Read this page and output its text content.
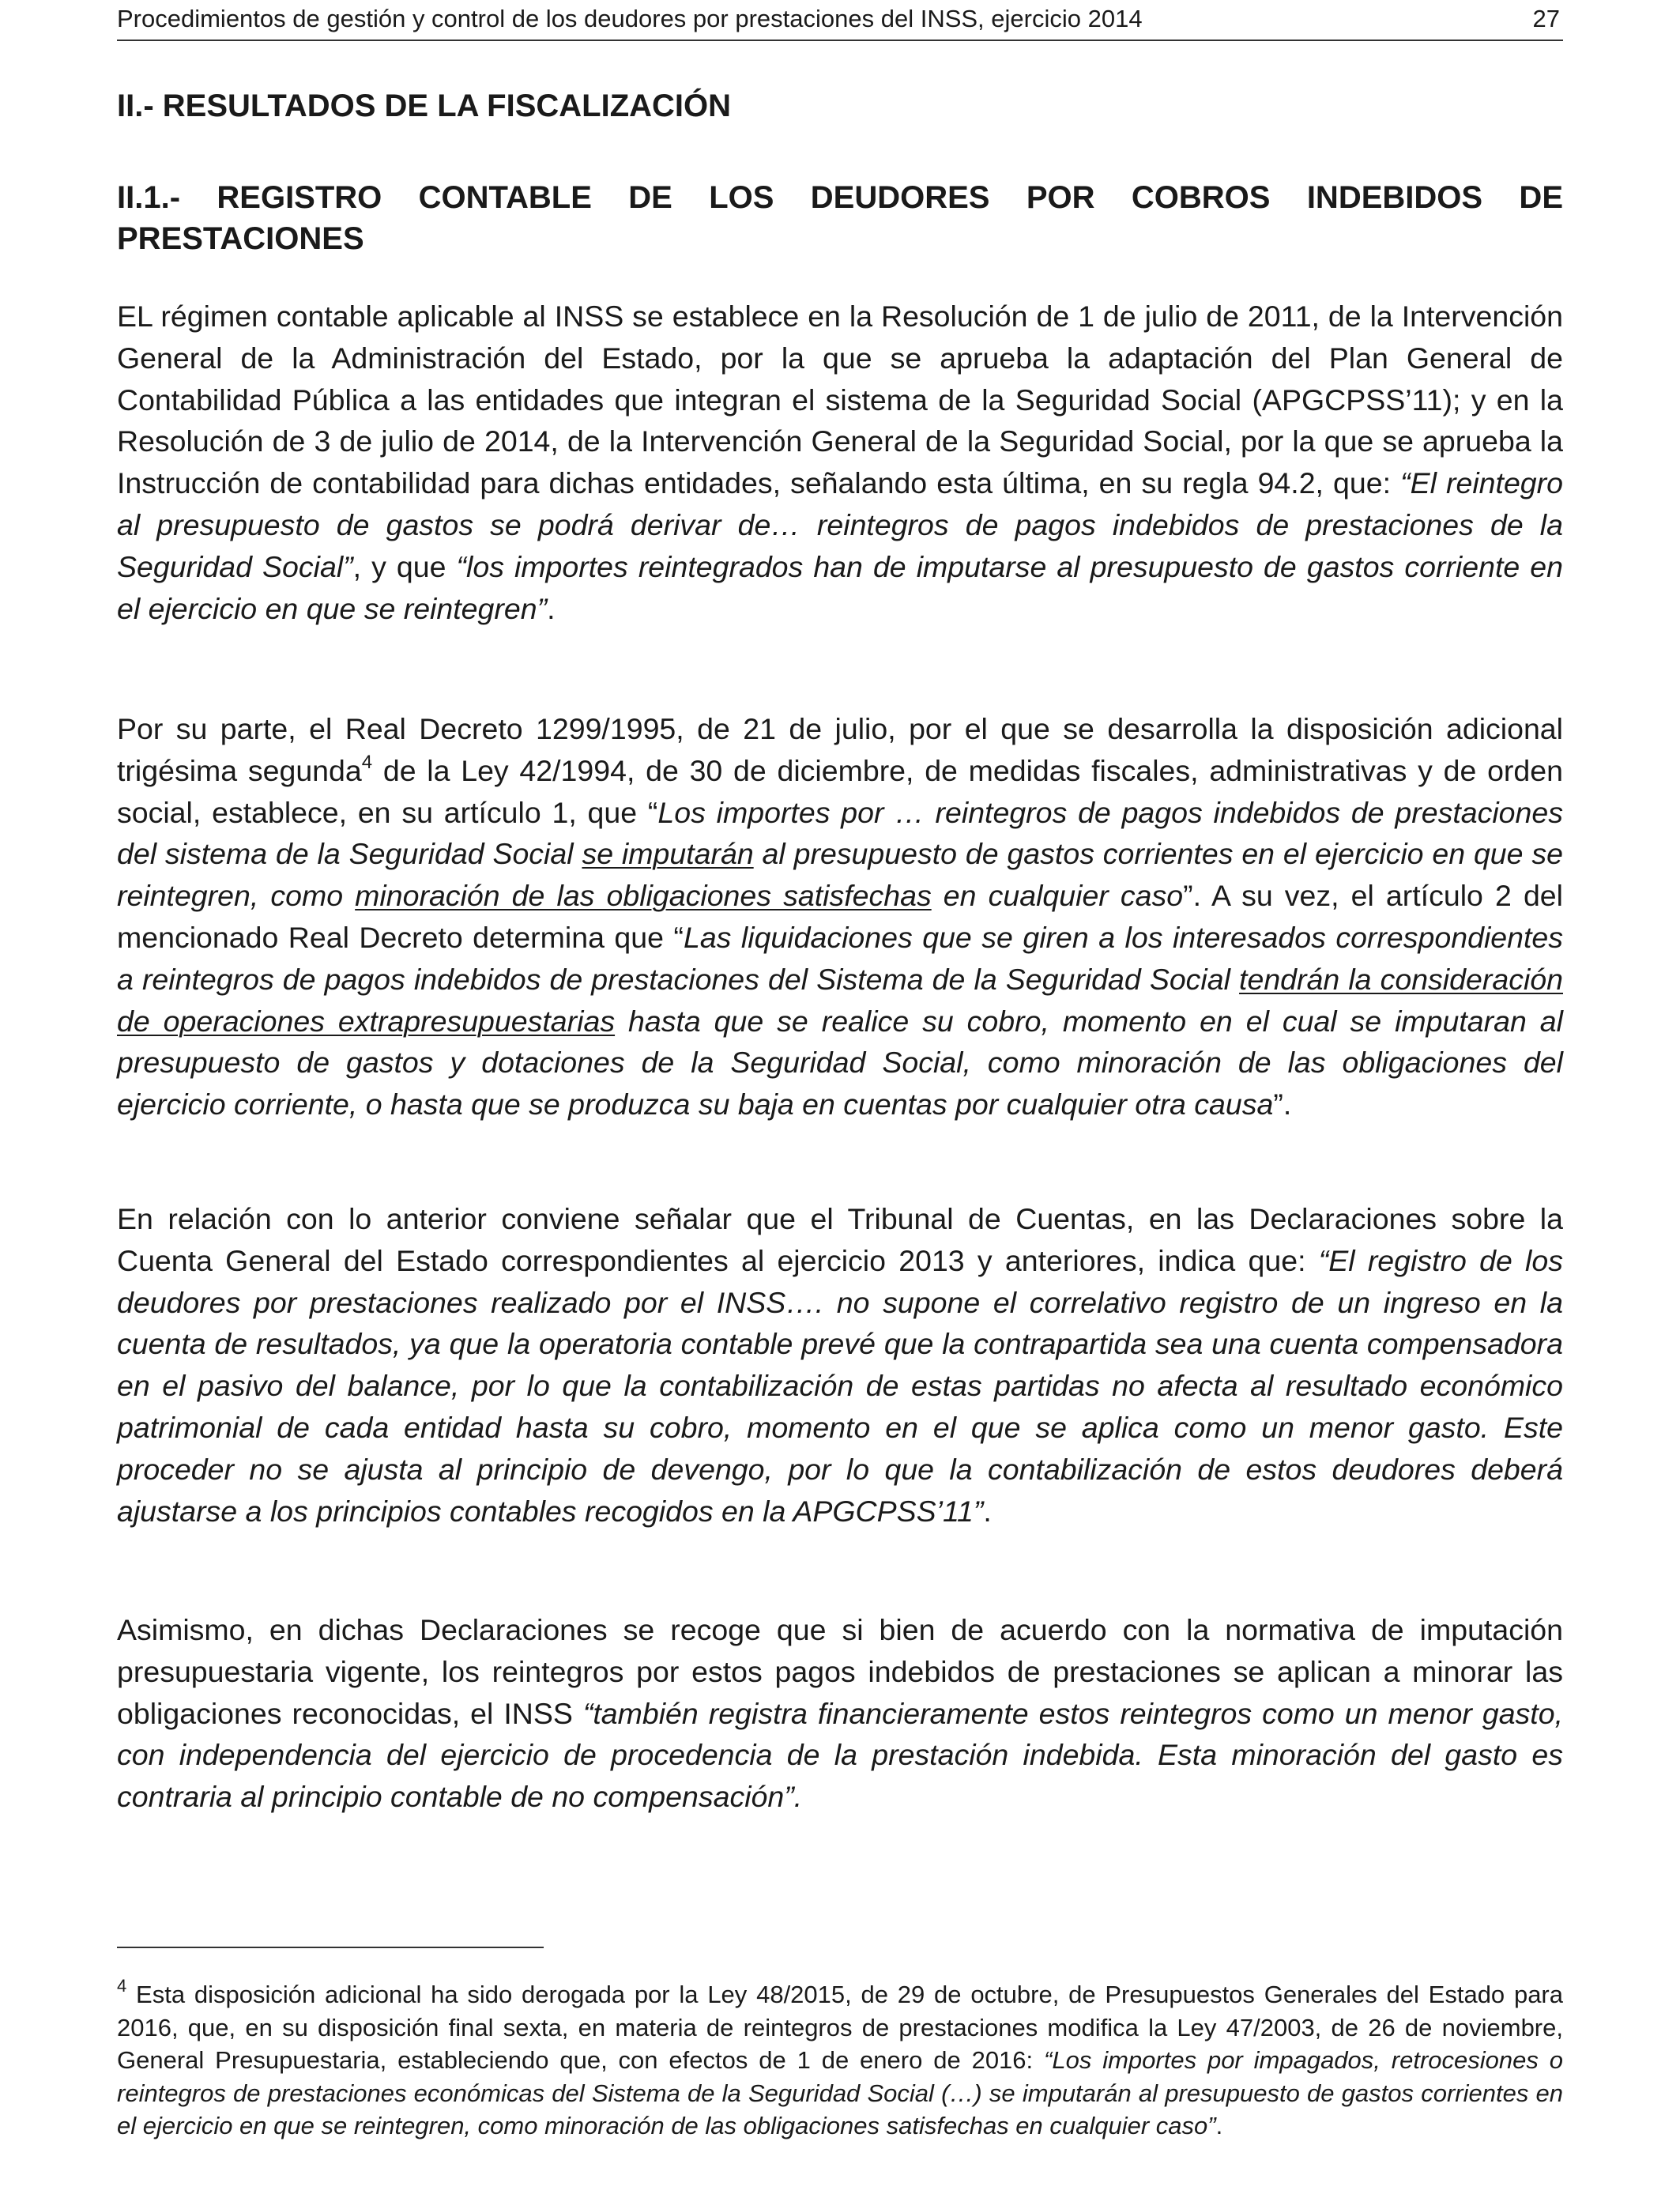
Procedimientos de gestión y control de los deudores por prestaciones del INSS, ejercicio 2014	27
II.- RESULTADOS DE LA FISCALIZACIÓN
II.1.- REGISTRO CONTABLE DE LOS DEUDORES POR COBROS INDEBIDOS DE PRESTACIONES

EL régimen contable aplicable al INSS se establece en la Resolución de 1 de julio de 2011, de la Intervención General de la Administración del Estado, por la que se aprueba la adaptación del Plan General de Contabilidad Pública a las entidades que integran el sistema de la Seguridad Social (APGCPSS’11); y en la Resolución de 3 de julio de 2014, de la Intervención General de la Seguridad Social, por la que se aprueba la Instrucción de contabilidad para dichas entidades, señalando esta última, en su regla 94.2, que: “El reintegro al presupuesto de gastos se podrá derivar de… reintegros de pagos indebidos de prestaciones de la Seguridad Social”, y que “los importes reintegrados han de imputarse al presupuesto de gastos corriente en el ejercicio en que se reintegren”.

Por su parte, el Real Decreto 1299/1995, de 21 de julio, por el que se desarrolla la disposición adicional trigésima segunda$^4$ de la Ley 42/1994, de 30 de diciembre, de medidas fiscales, administrativas y de orden social, establece, en su artículo 1, que “Los importes por … reintegros de pagos indebidos de prestaciones del sistema de la Seguridad Social se imputarán al presupuesto de gastos corrientes en el ejercicio en que se reintegren, como minoración de las obligaciones satisfechas en cualquier caso”. A su vez, el artículo 2 del mencionado Real Decreto determina que “Las liquidaciones que se giren a los interesados correspondientes a reintegros de pagos indebidos de prestaciones del Sistema de la Seguridad Social tendrán la consideración de operaciones extrapresupuestarias hasta que se realice su cobro, momento en el cual se imputaran al presupuesto de gastos y dotaciones de la Seguridad Social, como minoración de las obligaciones del ejercicio corriente, o hasta que se produzca su baja en cuentas por cualquier otra causa”.

En relación con lo anterior conviene señalar que el Tribunal de Cuentas, en las Declaraciones sobre la Cuenta General del Estado correspondientes al ejercicio 2013 y anteriores, indica que: “El registro de los deudores por prestaciones realizado por el INSS…. no supone el correlativo registro de un ingreso en la cuenta de resultados, ya que la operatoria contable prevé que la contrapartida sea una cuenta compensadora en el pasivo del balance, por lo que la contabilización de estas partidas no afecta al resultado económico patrimonial de cada entidad hasta su cobro, momento en el que se aplica como un menor gasto. Este proceder no se ajusta al principio de devengo, por lo que la contabilización de estos deudores deberá ajustarse a los principios contables recogidos en la APGCPSS’11”.

Asimismo, en dichas Declaraciones se recoge que si bien de acuerdo con la normativa de imputación presupuestaria vigente, los reintegros por estos pagos indebidos de prestaciones se aplican a minorar las obligaciones reconocidas, el INSS “también registra financieramente estos reintegros como un menor gasto, con independencia del ejercicio de procedencia de la prestación indebida. Esta minoración del gasto es contraria al principio contable de no compensación”.

$^4$ Esta disposición adicional ha sido derogada por la Ley 48/2015, de 29 de octubre, de Presupuestos Generales del Estado para 2016, que, en su disposición final sexta, en materia de reintegros de prestaciones modifica la Ley 47/2003, de 26 de noviembre, General Presupuestaria, estableciendo que, con efectos de 1 de enero de 2016: “Los importes por impagados, retrocesiones o reintegros de prestaciones económicas del Sistema de la Seguridad Social (…) se imputarán al presupuesto de gastos corrientes en el ejercicio en que se reintegren, como minoración de las obligaciones satisfechas en cualquier caso”.
